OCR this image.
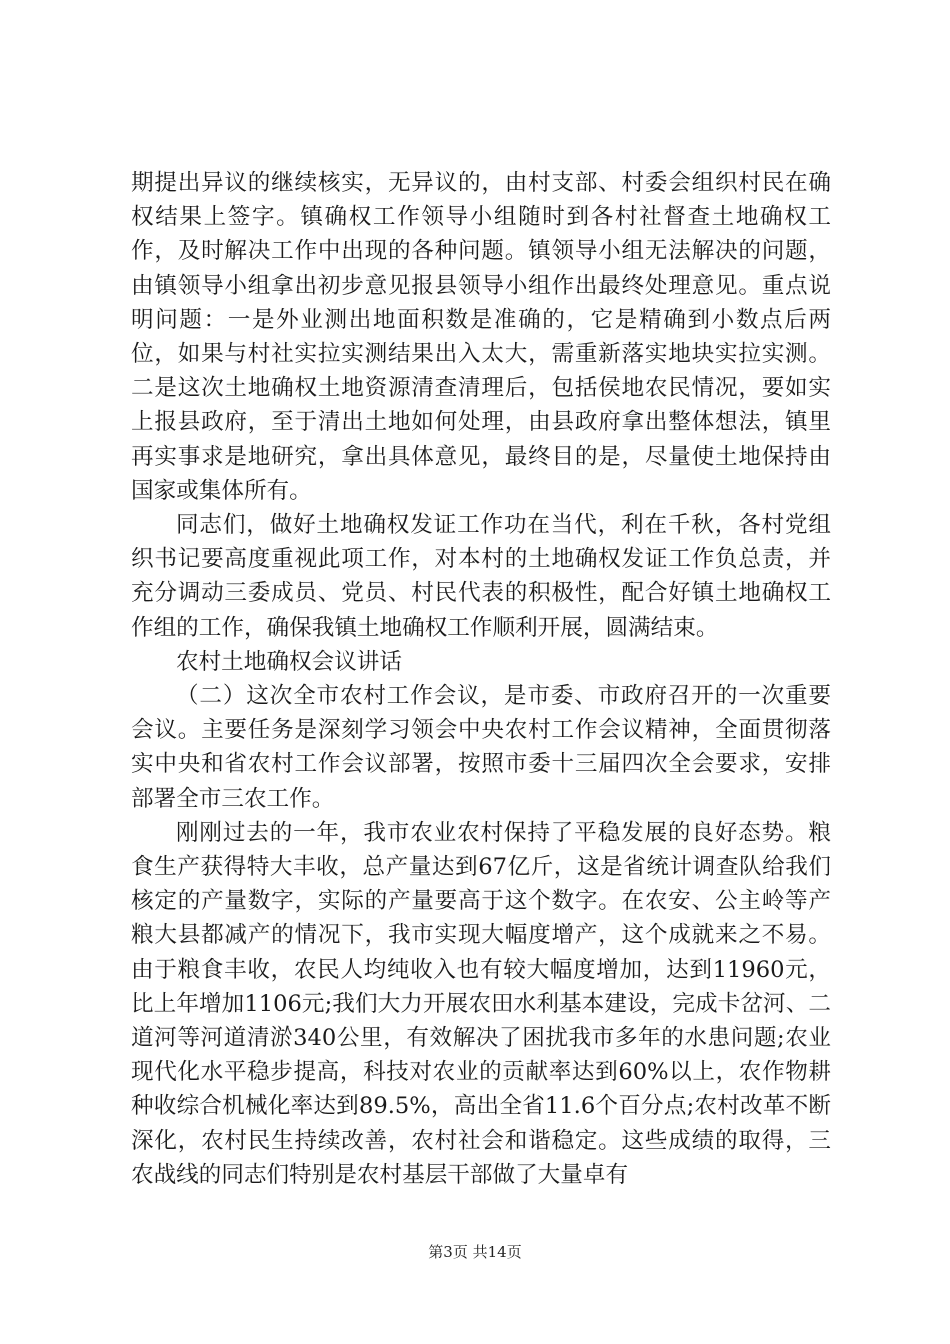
期提出异议的继续核实，无异议的，由村支部、村委会组织村民在确权结果上签字。镇确权工作领导小组随时到各村社督查土地确权工作，及时解决工作中出现的各种问题。镇领导小组无法解决的问题，由镇领导小组拿出初步意见报县领导小组作出最终处理意见。重点说明问题：一是外业测出地面积数是准确的，它是精确到小数点后两位，如果与村社实拉实测结果出入太大，需重新落实地块实拉实测。二是这次土地确权土地资源清查清理后，包括侯地农民情况，要如实上报县政府，至于清出土地如何处理，由县政府拿出整体想法，镇里再实事求是地研究，拿出具体意见，最终目的是，尽量使土地保持由国家或集体所有。

同志们，做好土地确权发证工作功在当代，利在千秋，各村党组织书记要高度重视此项工作，对本村的土地确权发证工作负总责，并充分调动三委成员、党员、村民代表的积极性，配合好镇土地确权工作组的工作，确保我镇土地确权工作顺利开展，圆满结束。

农村土地确权会议讲话

（二）这次全市农村工作会议，是市委、市政府召开的一次重要会议。主要任务是深刻学习领会中央农村工作会议精神，全面贯彻落实中央和省农村工作会议部署，按照市委十三届四次全会要求，安排部署全市三农工作。

刚刚过去的一年，我市农业农村保持了平稳发展的良好态势。粮食生产获得特大丰收，总产量达到67亿斤，这是省统计调查队给我们核定的产量数字，实际的产量要高于这个数字。在农安、公主岭等产粮大县都减产的情况下，我市实现大幅度增产，这个成就来之不易。由于粮食丰收，农民人均纯收入也有较大幅度增加，达到11960元，比上年增加1106元;我们大力开展农田水利基本建设，完成卡岔河、二道河等河道清淤340公里，有效解决了困扰我市多年的水患问题;农业现代化水平稳步提高，科技对农业的贡献率达到60%以上，农作物耕种收综合机械化率达到89.5%，高出全省11.6个百分点;农村改革不断深化，农村民生持续改善，农村社会和谐稳定。这些成绩的取得，三农战线的同志们特别是农村基层干部做了大量卓有

第3页 共14页
